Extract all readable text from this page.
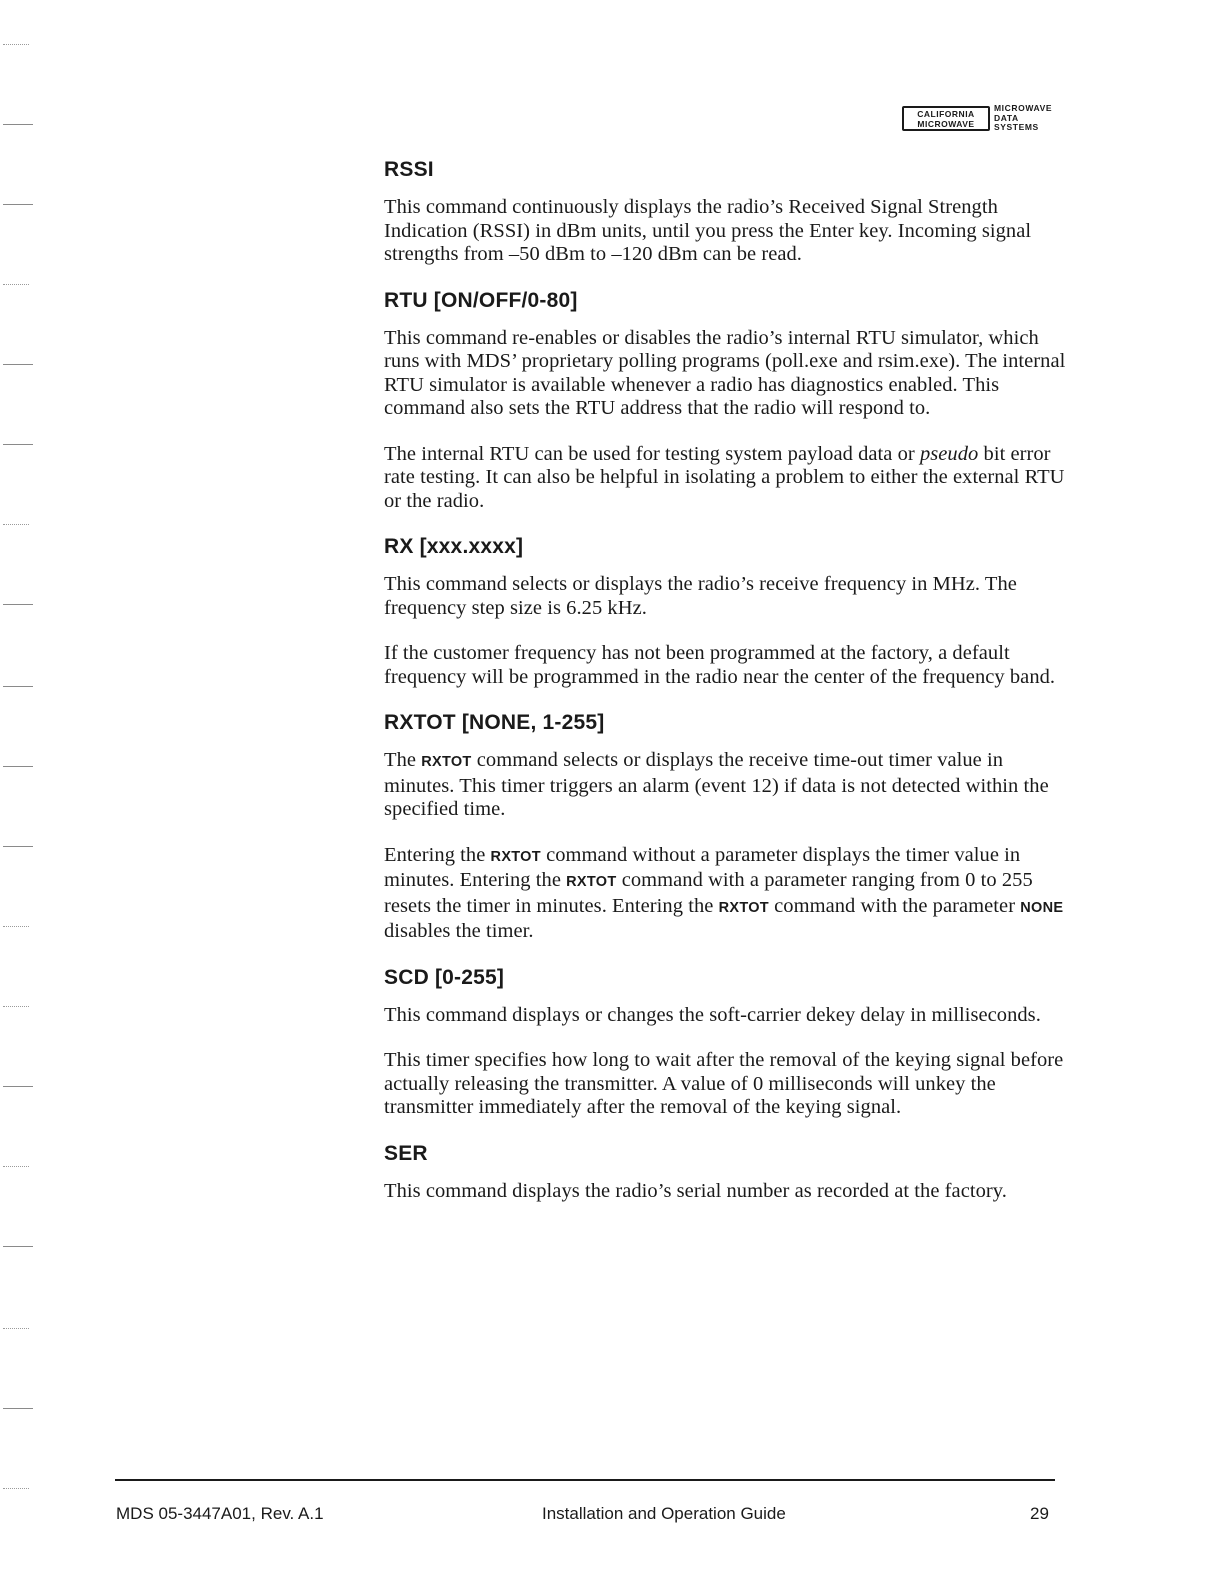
CALIFORNIA
MICROWAVE
MICROWAVE
DATA
SYSTEMS
RSSI

This command continuously displays the radio’s Received Signal Strength Indication (RSSI) in dBm units, until you press the Enter key. Incoming signal strengths from –50 dBm to –120 dBm can be read.

RTU [ON/OFF/0-80]

This command re-enables or disables the radio’s internal RTU simulator, which runs with MDS’ proprietary polling programs (poll.exe and rsim.exe). The internal RTU simulator is available whenever a radio has diagnostics enabled. This command also sets the RTU address that the radio will respond to.

The internal RTU can be used for testing system payload data or pseudo bit error rate testing. It can also be helpful in isolating a problem to either the external RTU or the radio.

RX [xxx.xxxx]

This command selects or displays the radio’s receive frequency in MHz. The frequency step size is 6.25 kHz.

If the customer frequency has not been programmed at the factory, a default frequency will be programmed in the radio near the center of the frequency band.

RXTOT [NONE, 1-255]

The RXTOT command selects or displays the receive time-out timer value in minutes. This timer triggers an alarm (event 12) if data is not detected within the specified time.

Entering the RXTOT command without a parameter displays the timer value in minutes. Entering the RXTOT command with a parameter ranging from 0 to 255 resets the timer in minutes. Entering the RXTOT command with the parameter NONE disables the timer.

SCD [0-255]

This command displays or changes the soft-carrier dekey delay in milliseconds.

This timer specifies how long to wait after the removal of the keying signal before actually releasing the transmitter. A value of 0 milliseconds will unkey the transmitter immediately after the removal of the keying signal.

SER

This command displays the radio’s serial number as recorded at the factory.

MDS 05-3447A01, Rev. A.1	Installation and Operation Guide	29
